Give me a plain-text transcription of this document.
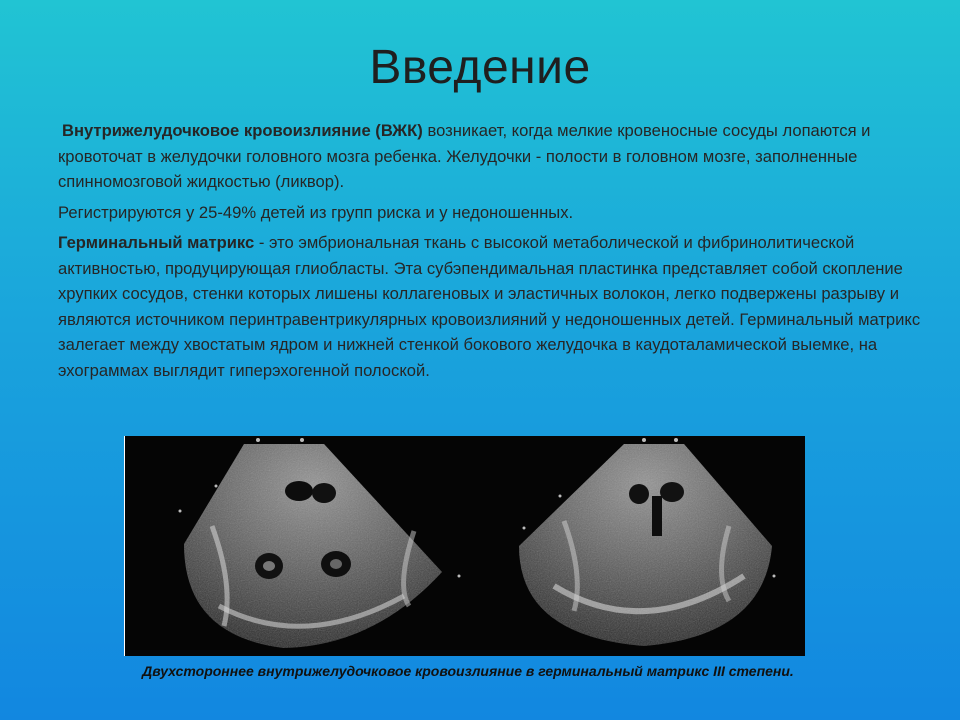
Введение

Внутрижелудочковое кровоизлияние (ВЖК) возникает, когда мелкие кровеносные сосуды лопаются и кровоточат в желудочки головного мозга ребенка. Желудочки - полости в головном мозге, заполненные спинномозговой жидкостью (ликвор).

Регистрируются у 25-49% детей из групп риска и у недоношенных.

Герминальный матрикс - это эмбриональная ткань с высокой метаболической и фибринолитической активностью, продуцирующая глиобласты. Эта субэпендимальная пластинка представляет собой скопление хрупких сосудов, стенки которых лишены коллагеновых и эластичных волокон, легко подвержены разрыву и являются источником перинтравентрикулярных кровоизлияний у недоношенных детей. Герминальный матрикс залегает между хвостатым ядром и нижней стенкой бокового желудочка в каудоталамической выемке, на эхограммах выглядит гиперэхогенной полоской.

Двухстороннее внутрижелудочковое кровоизлияние в герминальный матрикс III степени.
